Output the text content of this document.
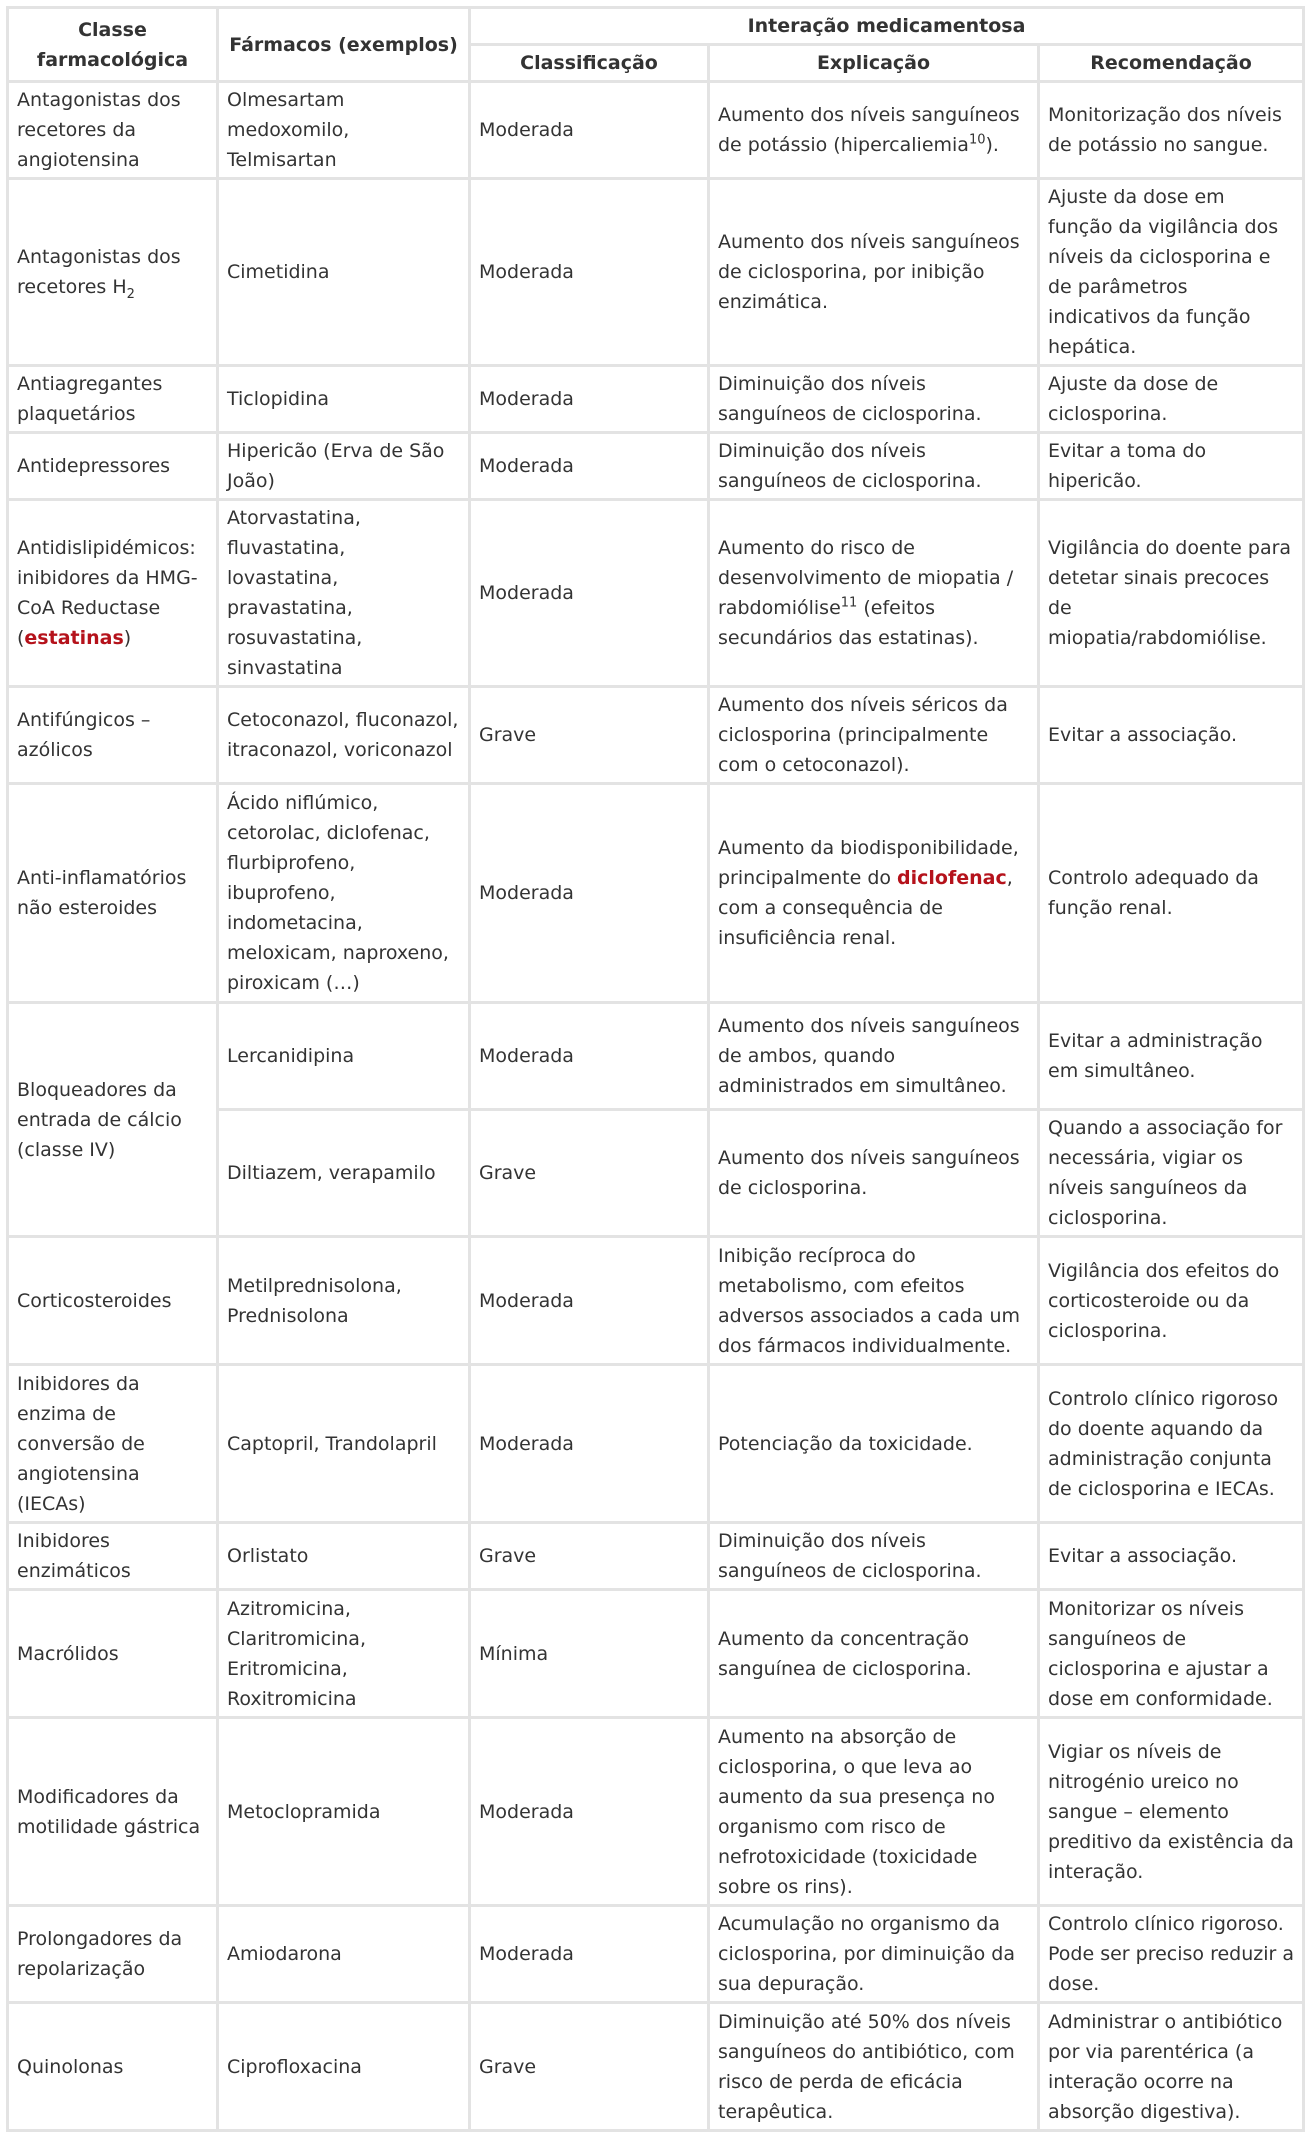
Classe farmacológica	Fármacos (exemplos)	Interação medicamentosa		
		Classificação	Explicação	Recomendação
Antagonistas dos recetores da angiotensina	Olmesartam medoxomilo, Telmisartan	Moderada	Aumento dos níveis sanguíneos de potássio (hipercaliemia$^{10}$).	Monitorização dos níveis de potássio no sangue.
Antagonistas dos recetores $H_2$	Cimetidina	Moderada	Aumento dos níveis sanguíneos de ciclosporina, por inibição enzimática.	Ajuste da dose em função da vigilância dos níveis da ciclosporina e de parâmetros indicativos da função hepática.
Antiagregantes plaquetários	Ticlopidina	Moderada	Diminuição dos níveis sanguíneos de ciclosporina.	Ajuste da dose de ciclosporina.
Antidepressores	Hipericão (Erva de São João)	Moderada	Diminuição dos níveis sanguíneos de ciclosporina.	Evitar a toma do hipericão.
Antidislipidémicos: inibidores da HMG-CoA Reductase (estatinas)	Atorvastatina, fluvastatina, lovastatina, pravastatina, rosuvastatina, sinvastatina	Moderada	Aumento do risco de desenvolvimento de miopatia / rabdomiólise$^{11}$ (efeitos secundários das estatinas).	Vigilância do doente para detetar sinais precoces de miopatia/rabdomiólise.
Antifúngicos – azólicos	Cetoconazol, fluconazol, itraconazol, voriconazol	Grave	Aumento dos níveis séricos da ciclosporina (principalmente com o cetoconazol).	Evitar a associação.
Anti-inflamatórios não esteroides	Ácido niflúmico, cetorolac, diclofenac, flurbiprofeno, ibuprofeno, indometacina, meloxicam, naproxeno, piroxicam (…)	Moderada	Aumento da biodisponibilidade, principalmente do diclofenac, com a consequência de insuficiência renal.	Controlo adequado da função renal.
Bloqueadores da entrada de cálcio (classe IV)	Lercanidipina	Moderada	Aumento dos níveis sanguíneos de ambos, quando administrados em simultâneo.	Evitar a administração em simultâneo.
	Diltiazem, verapamilo	Grave	Aumento dos níveis sanguíneos de ciclosporina.	Quando a associação for necessária, vigiar os níveis sanguíneos da ciclosporina.
Corticosteroides	Metilprednisolona, Prednisolona	Moderada	Inibição recíproca do metabolismo, com efeitos adversos associados a cada um dos fármacos individualmente.	Vigilância dos efeitos do corticosteroide ou da ciclosporina.
Inibidores da enzima de conversão de angiotensina (IECAs)	Captopril, Trandolapril	Moderada	Potenciação da toxicidade.	Controlo clínico rigoroso do doente aquando da administração conjunta de ciclosporina e IECAs.
Inibidores enzimáticos	Orlistato	Grave	Diminuição dos níveis sanguíneos de ciclosporina.	Evitar a associação.
Macrólidos	Azitromicina, Claritromicina, Eritromicina, Roxitromicina	Mínima	Aumento da concentração sanguínea de ciclosporina.	Monitorizar os níveis sanguíneos de ciclosporina e ajustar a dose em conformidade.
Modificadores da motilidade gástrica	Metoclopramida	Moderada	Aumento na absorção de ciclosporina, o que leva ao aumento da sua presença no organismo com risco de nefrotoxicidade (toxicidade sobre os rins).	Vigiar os níveis de nitrogénio ureico no sangue – elemento preditivo da existência da interação.
Prolongadores da repolarização	Amiodarona	Moderada	Acumulação no organismo da ciclosporina, por diminuição da sua depuração.	Controlo clínico rigoroso. Pode ser preciso reduzir a dose.
Quinolonas	Ciprofloxacina	Grave	Diminuição até 50% dos níveis sanguíneos do antibiótico, com risco de perda de eficácia terapêutica.	Administrar o antibiótico por via parentérica (a interação ocorre na absorção digestiva).
